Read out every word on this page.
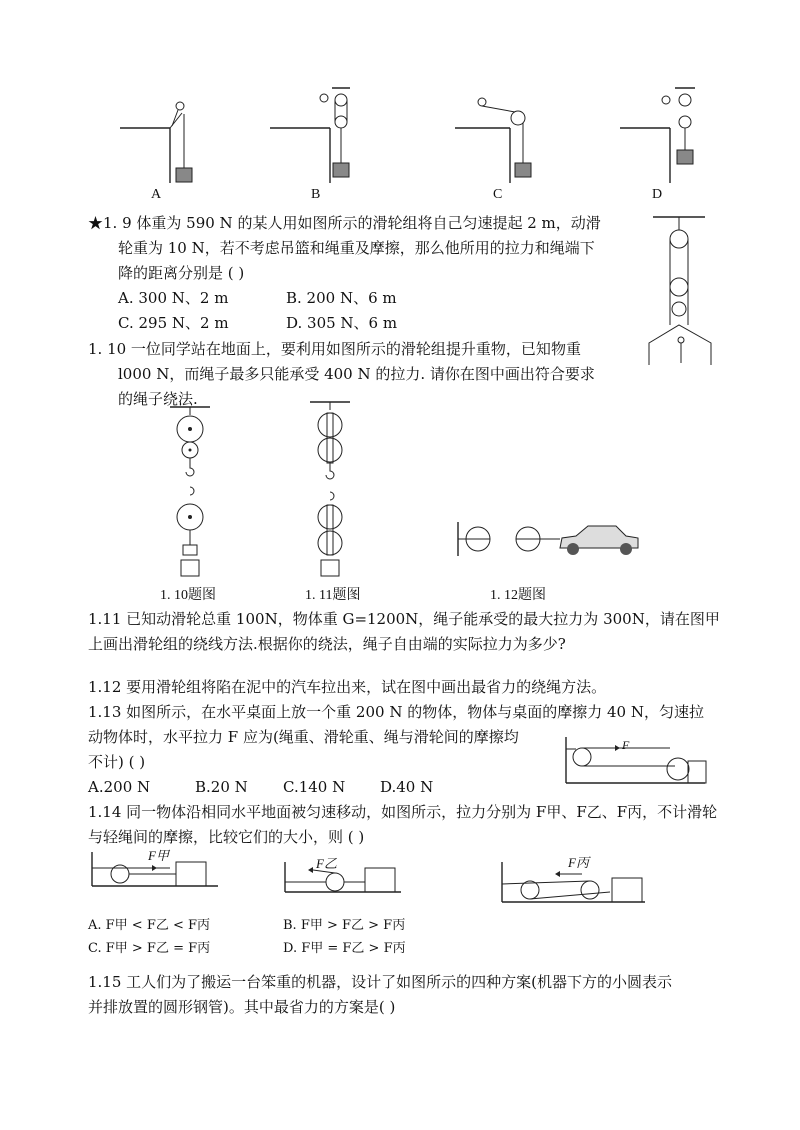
A	B	C	D
★1. 9 体重为 590 N 的某人用如图所示的滑轮组将自己匀速提起 2 m，动滑
轮重为 10 N，若不考虑吊篮和绳重及摩擦，那么他所用的拉力和绳端下
降的距离分别是 ( )
A. 300 N、2 m	B. 200 N、6 m
C. 295 N、2 m	D. 305 N、6 m
1. 10 一位同学站在地面上，要利用如图所示的滑轮组提升重物，已知物重
l000 N，而绳子最多只能承受 400 N 的拉力. 请你在图中画出符合要求
的绳子绕法.
1. 10题图	1. 11题图	1. 12题图
1.11 已知动滑轮总重 100N，物体重 G=1200N，绳子能承受的最大拉力为 300N，请在图甲
上画出滑轮组的绕线方法.根据你的绕法，绳子自由端的实际拉力为多少?
1.12 要用滑轮组将陷在泥中的汽车拉出来，试在图中画出最省力的绕绳方法。
1.13 如图所示，在水平桌面上放一个重 200 N 的物体，物体与桌面的摩擦力 40 N，匀速拉
动物体时，水平拉力 F 应为(绳重、滑轮重、绳与滑轮间的摩擦均
不计) ( )
A.200 N	B.20 N C.140 N D.40 N
F
1.14 同一物体沿相同水平地面被匀速移动，如图所示，拉力分别为 F甲、F乙、F丙，不计滑轮
与轻绳间的摩擦，比较它们的大小，则 ( )
F甲
F乙	F丙
A. F甲 < F乙 < F丙	B. F甲 > F乙 > F丙
C. F甲 > F乙 = F丙	D. F甲 = F乙 > F丙
1.15 工人们为了搬运一台笨重的机器，设计了如图所示的四种方案(机器下方的小圆表示
并排放置的圆形钢管)。其中最省力的方案是( )
